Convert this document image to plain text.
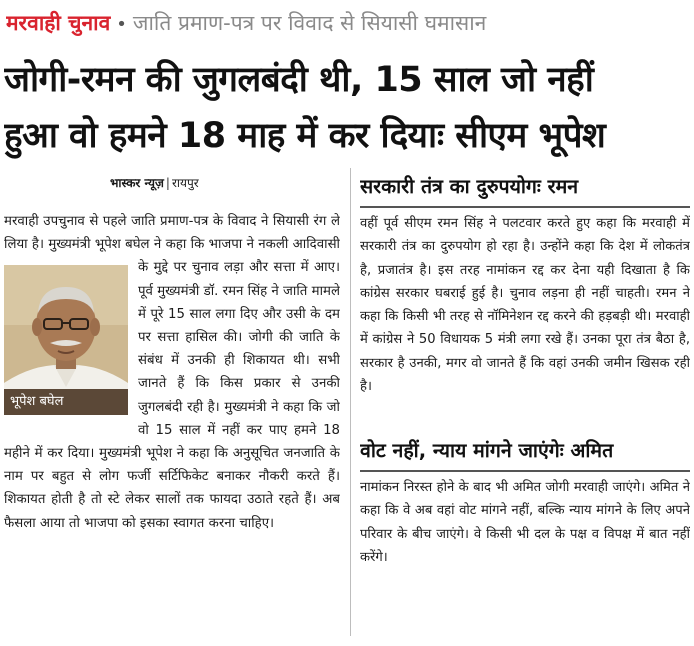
मरवाही चुनाव • जाति प्रमाण-पत्र पर विवाद से सियासी घमासान
जोगी-रमन की जुगलबंदी थी, 15 साल जो नहीं
हुआ वो हमने 18 माह में कर दियाः सीएम भूपेश
भास्कर न्यूज़ | रायपुर
मरवाही उपचुनाव से पहले जाति प्रमाण-पत्र के विवाद ने सियासी रंग ले लिया है। मुख्यमंत्री भूपेश बघेल ने कहा कि भाजपा ने नकली आदिवासी के मुद्दे पर
भूपेश बघेल
चुनाव लड़ा और सत्ता में आए। पूर्व मुख्यमंत्री डॉ. रमन सिंह ने जाति मामले में पूरे 15 साल लगा दिए और उसी के दम पर सत्ता हासिल की। जोगी की जाति के संबंध में उनकी ही शिकायत थी। सभी जानते हैं कि किस प्रकार से उनकी जुगलबंदी रही है। मुख्यमंत्री ने कहा कि जो वो 15 साल में नहीं कर पाए हमने 18 महीने में कर दिया। मुख्यमंत्री भूपेश ने कहा कि अनुसूचित जनजाति के नाम पर बहुत से लोग फर्जी सर्टिफिकेट बनाकर नौकरी करते हैं। शिकायत होती है तो स्टे लेकर सालों तक फायदा उठाते रहते हैं। अब फैसला आया तो भाजपा को इसका स्वागत करना चाहिए।
सरकारी तंत्र का दुरुपयोगः रमन
वहीं पूर्व सीएम रमन सिंह ने पलटवार करते हुए कहा कि मरवाही में सरकारी तंत्र का दुरुपयोग हो रहा है। उन्होंने कहा कि देश में लोकतंत्र है, प्रजातंत्र है। इस तरह नामांकन रद्द कर देना यही दिखाता है कि कांग्रेस सरकार घबराई हुई है। चुनाव लड़ना ही नहीं चाहती। रमन ने कहा कि किसी भी तरह से नॉमिनेशन रद्द करने की हड़बड़ी थी। मरवाही में कांग्रेस ने 50 विधायक 5 मंत्री लगा रखे हैं। उनका पूरा तंत्र बैठा है, सरकार है उनकी, मगर वो जानते हैं कि वहां उनकी जमीन खिसक रही है।
वोट नहीं, न्याय मांगने जाएंगेः अमित
नामांकन निरस्त होने के बाद भी अमित जोगी मरवाही जाएंगे। अमित ने कहा कि वे अब वहां वोट मांगने नहीं, बल्कि न्याय मांगने के लिए अपने परिवार के बीच जाएंगे। वे किसी भी दल के पक्ष व विपक्ष में बात नहीं करेंगे।
